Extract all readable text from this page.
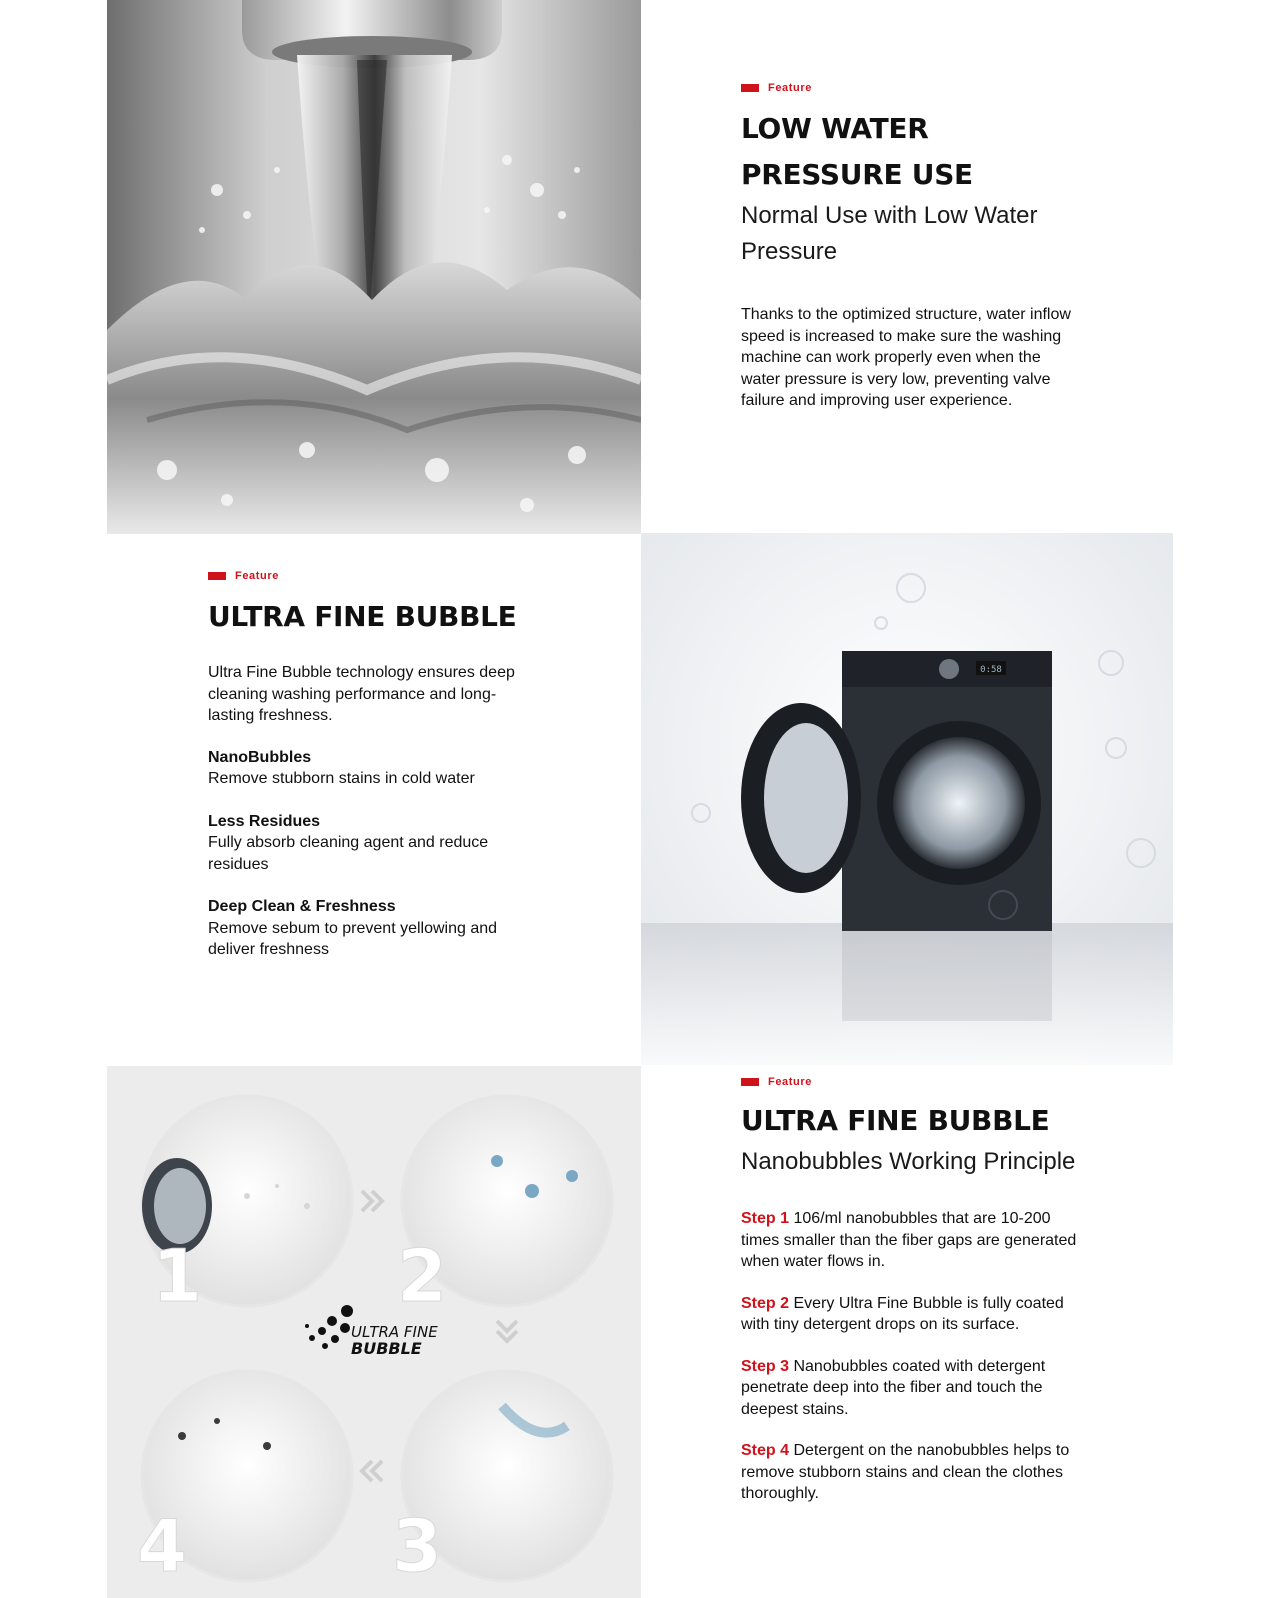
Feature
LOW WATER PRESSURE USE

Normal Use with Low Water Pressure

Thanks to the optimized structure, water inflow speed is increased to make sure the washing machine can work properly even when the water pressure is very low, preventing valve failure and improving user experience.

Feature
ULTRA FINE BUBBLE

Ultra Fine Bubble technology ensures deep cleaning washing performance and long-lasting freshness.

NanoBubbles

Remove stubborn stains in cold water

Less Residues

Fully absorb cleaning agent and reduce residues

Deep Clean & Freshness

Remove sebum to prevent yellowing and deliver freshness

0:58
1	2
3
4
ULTRA FINE
BUBBLE
Feature
ULTRA FINE BUBBLE

Nanobubbles Working Principle

Step 1 106/ml nanobubbles that are 10-200 times smaller than the fiber gaps are generated when water flows in.

Step 2 Every Ultra Fine Bubble is fully coated with tiny detergent drops on its surface.

Step 3 Nanobubbles coated with detergent penetrate deep into the fiber and touch the deepest stains.

Step 4 Detergent on the nanobubbles helps to remove stubborn stains and clean the clothes thoroughly.
